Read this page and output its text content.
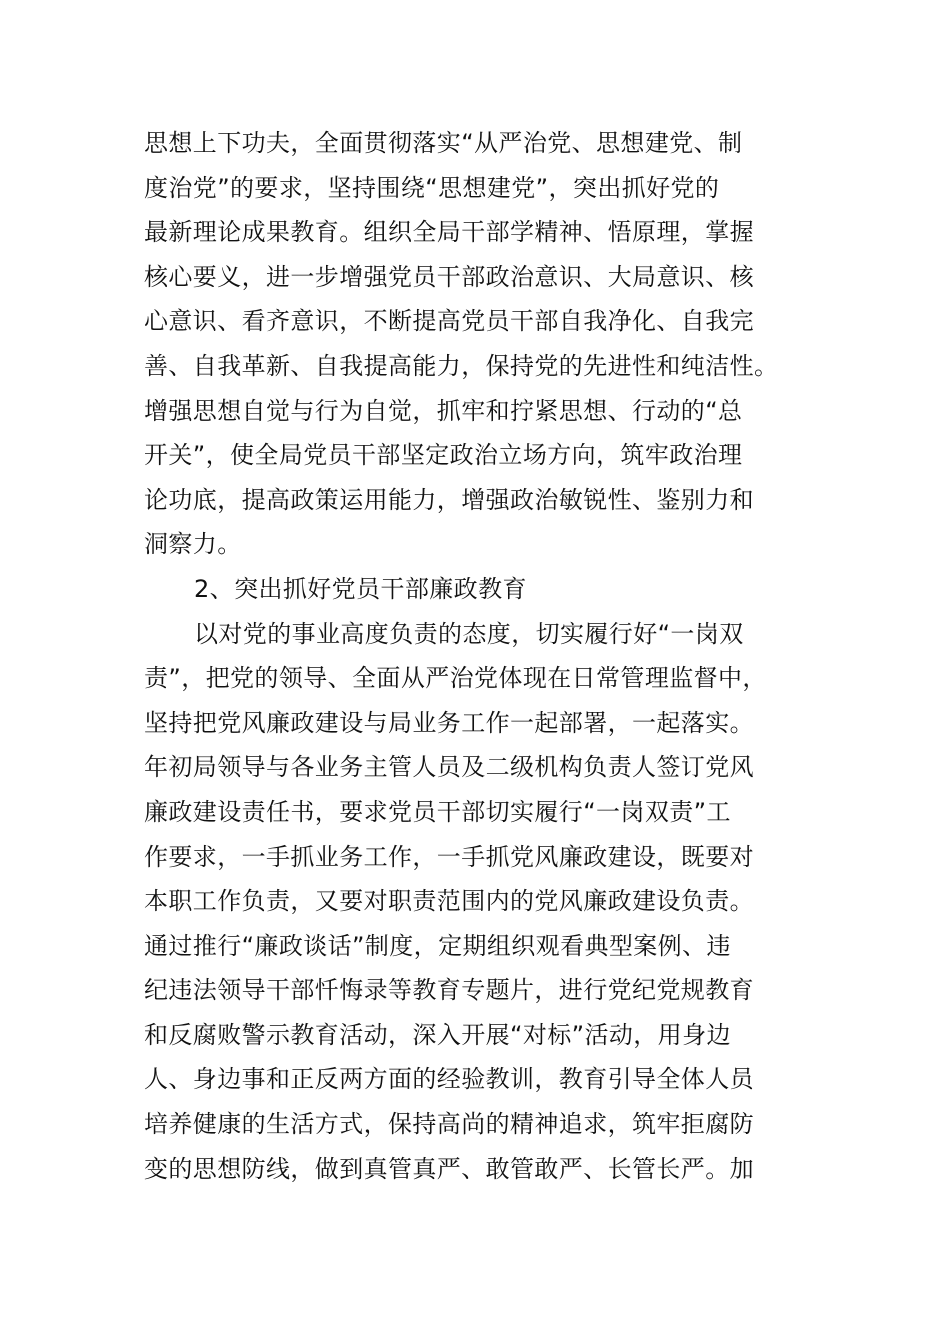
思想上下功夫，全面贯彻落实“从严治党、思想建党、制
度治党”的要求，坚持围绕“思想建党”，突出抓好党的
最新理论成果教育。组织全局干部学精神、悟原理，掌握
核心要义，进一步增强党员干部政治意识、大局意识、核
心意识、看齐意识，不断提高党员干部自我净化、自我完
善、自我革新、自我提高能力，保持党的先进性和纯洁性。
增强思想自觉与行为自觉，抓牢和拧紧思想、行动的“总
开关”，使全局党员干部坚定政治立场方向，筑牢政治理
论功底，提高政策运用能力，增强政治敏锐性、鉴别力和
洞察力。
2、突出抓好党员干部廉政教育
以对党的事业高度负责的态度，切实履行好“一岗双
责”，把党的领导、全面从严治党体现在日常管理监督中，
坚持把党风廉政建设与局业务工作一起部署，一起落实。
年初局领导与各业务主管人员及二级机构负责人签订党风
廉政建设责任书，要求党员干部切实履行“一岗双责”工
作要求，一手抓业务工作，一手抓党风廉政建设，既要对
本职工作负责，又要对职责范围内的党风廉政建设负责。
通过推行“廉政谈话”制度，定期组织观看典型案例、违
纪违法领导干部忏悔录等教育专题片，进行党纪党规教育
和反腐败警示教育活动，深入开展“对标”活动，用身边
人、身边事和正反两方面的经验教训，教育引导全体人员
培养健康的生活方式，保持高尚的精神追求，筑牢拒腐防
变的思想防线，做到真管真严、敢管敢严、长管长严。加
